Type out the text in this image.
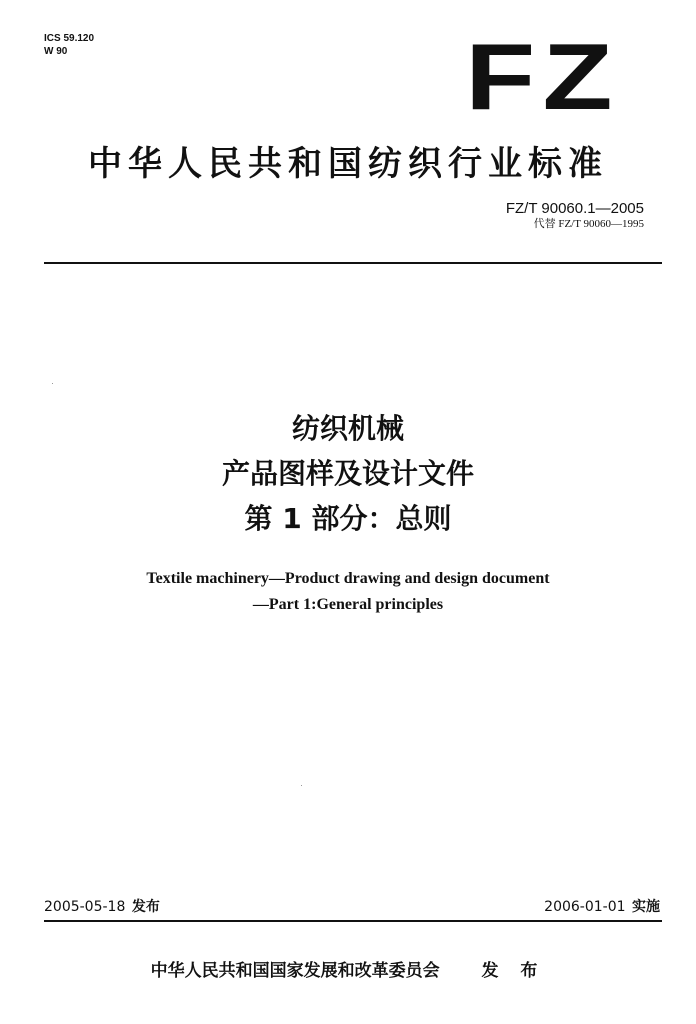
ICS 59.120
W 90	FZ
中华人民共和国纺织行业标准
FZ/T 90060.1—2005
代替 FZ/T 90060—1995
纺织机械
产品图样及设计文件
第 1 部分：总则
Textile machinery—Product drawing and design document
—Part 1:General principles
2005-05-18 发布	2006-01-01 实施
中华人民共和国国家发展和改革委员会 发 布
